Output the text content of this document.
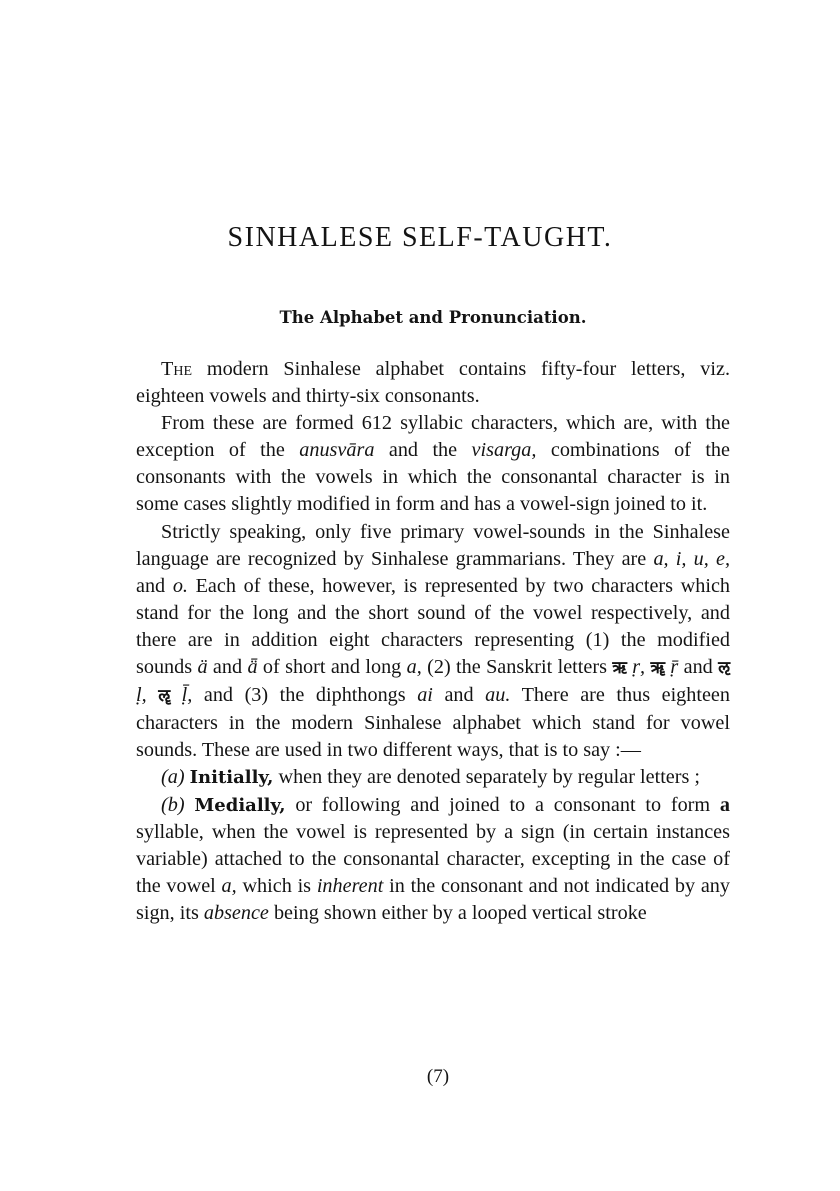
SINHALESE SELF-TAUGHT.
The Alphabet and Pronunciation.

The modern Sinhalese alphabet contains fifty-four letters, viz. eighteen vowels and thirty-six consonants.

From these are formed 612 syllabic characters, which are, with the exception of the anusvāra and the visarga, combinations of the consonants with the vowels in which the consonantal character is in some cases slightly modified in form and has a vowel-sign joined to it.

Strictly speaking, only five primary vowel-sounds in the Sinhalese language are recognized by Sinhalese grammarians. They are a, i, u, e, and o. Each of these, however, is represented by two characters which stand for the long and the short sound of the vowel respectively, and there are in addition eight characters representing (1) the modified sounds ä and ǟ of short and long a, (2) the Sanskrit letters ऋ ṛ, ॠ ṝ and ऌ ḷ, ॡ ḹ, and (3) the diphthongs ai and au. There are thus eighteen characters in the modern Sinhalese alphabet which stand for vowel sounds. These are used in two different ways, that is to say :—

(a) Initially, when they are denoted separately by regular letters ;

(b) Medially, or following and joined to a consonant to form a syllable, when the vowel is represented by a sign (in certain instances variable) attached to the consonantal character, excepting in the case of the vowel a, which is inherent in the consonant and not indicated by any sign, its absence being shown either by a looped vertical stroke

(7)
